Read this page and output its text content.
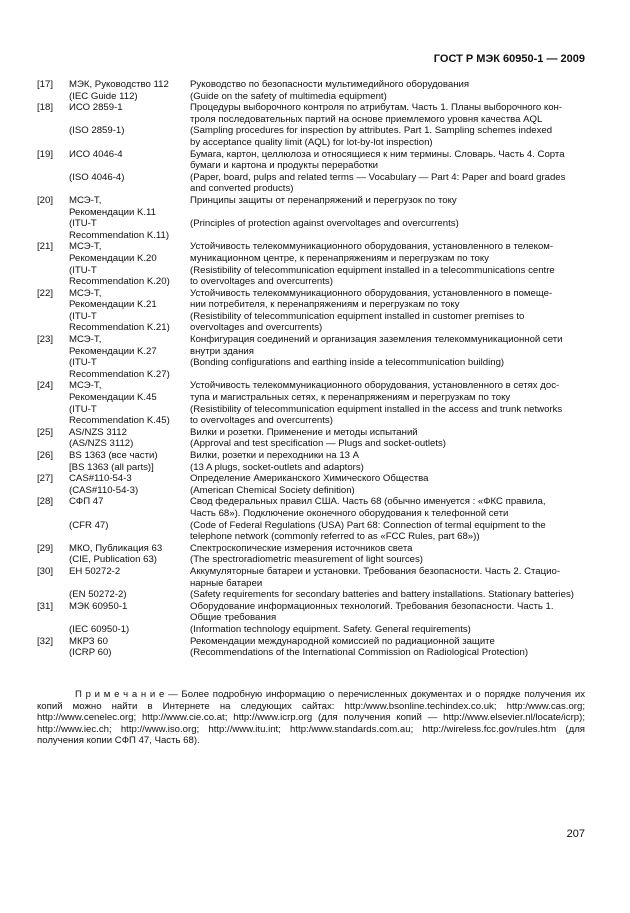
ГОСТ Р МЭК 60950-1 — 2009
[17]	МЭК, Руководство 112	Руководство по безопасности мультимедийного оборудования
(IEC Guide 112)	(Guide on the safety of multimedia equipment)
[18]	ИСО 2859-1	Процедуры выборочного контроля по атрибутам. Часть 1. Планы выборочного кон-
троля последовательных партий на основе приемлемого уровня качества AQL
(ISO 2859-1)	(Sampling procedures for inspection by attributes. Part 1. Sampling schemes indexed
by acceptance quality limit (AQL) for lot-by-lot inspection)
[19]	ИСО 4046-4	Бумага, картон, целлюлоза и относящиеся к ним термины. Словарь. Часть 4. Сорта
бумаги и картона и продукты переработки
(ISO 4046-4)	(Paper, board, pulps and related terms — Vocabulary — Part 4: Paper and board grades
and converted products)
[20]	МСЭ-Т,	Принципы защиты от перенапряжений и перегрузок по току
Рекомендации K.11
(ITU-T	(Principles of protection against overvoltages and overcurrents)
Recommendation K.11)
[21]	МСЭ-Т,	Устойчивость телекоммуникационного оборудования, установленного в телеком-
Рекомендации K.20	муникационном центре, к перенапряжениям и перегрузкам по току
(ITU-T	(Resistibility of telecommunication equipment installed in a telecommunications centre
Recommendation K.20)	to overvoltages and overcurrents)
[22]	МСЭ-Т,	Устойчивость телекоммуникационного оборудования, установленного в помеще-
Рекомендации K.21	нии потребителя, к перенапряжениям и перегрузкам по току
(ITU-T	(Resistibility of telecommunication equipment installed in customer premises to
Recommendation K.21)	overvoltages and overcurrents)
[23]	МСЭ-Т,	Конфигурация соединений и организация заземления телекоммуникационной сети
Рекомендации K.27	внутри здания
(ITU-T	(Bonding configurations and earthing inside a telecommunication building)
Recommendation K.27)
[24]	МСЭ-Т,	Устойчивость телекоммуникационного оборудования, установленного в сетях дос-
Рекомендации K.45	тупа и магистральных сетях, к перенапряжениям и перегрузкам по току
(ITU-T	(Resistibility of telecommunication equipment installed in the access and trunk networks
Recommendation K.45)	to overvoltages and overcurrents)
[25]	AS/NZS 3112	Вилки и розетки. Применение и методы испытаний
(AS/NZS 3112)	(Approval and test specification — Plugs and socket-outlets)
[26]	BS 1363 (все части)	Вилки, розетки и переходники на 13 А
[BS 1363 (all parts)]	(13 A plugs, socket-outlets and adaptors)
[27]	CAS#110-54-3	Определение Американского Химического Общества
(CAS#110-54-3)	(American Chemical Society definition)
[28]	СФП 47	Свод федеральных правил США. Часть 68 (обычно именуется : «ФКС правила,
Часть 68»). Подключение оконечного оборудования к телефонной сети
(CFR 47)	(Code of Federal Regulations (USA) Part 68: Connection of termal equipment to the
telephone network (commonly referred to as «FCC Rules, part 68»))
[29]	МКО, Публикация 63	Спектроскопические измерения источников света
(CIE, Publication 63)	(The spectroradiometric measurement of light sources)
[30]	EH 50272-2	Аккумуляторные батареи и установки. Требования безопасности. Часть 2. Стацио-
нарные батареи
(EN 50272-2)	(Safety requirements for secondary batteries and battery installations. Stationary batteries)
[31]	МЭК 60950-1	Оборудование информационных технологий. Требования безопасности. Часть 1.
Общие требования
(IEC 60950-1)	(Information technology equipment. Safety. General requirements)
[32]	МКРЗ 60	Рекомендации международной комиссией по радиационной защите
(ICRP 60)	(Recommendations of the International Commission on Radiological Protection)
П р и м е ч а н и е — Более подробную информацию о перечисленных документах и о порядке получения их копий можно найти в Интернете на следующих сайтах: http:/www.bsonline.techindex.co.uk; http:/www.cas.org; http://www.cenelec.org; http://www.cie.co.at; http://www.icrp.org (для получения копий — http://www.elsevier.nl/locate/icrp); http://www.iec.ch; http://www.iso.org; http://www.itu.int; http:/www.standards.com.au; http://wireless.fcc.gov/rules.htm (для получения копии СФП 47, Часть 68).
207
